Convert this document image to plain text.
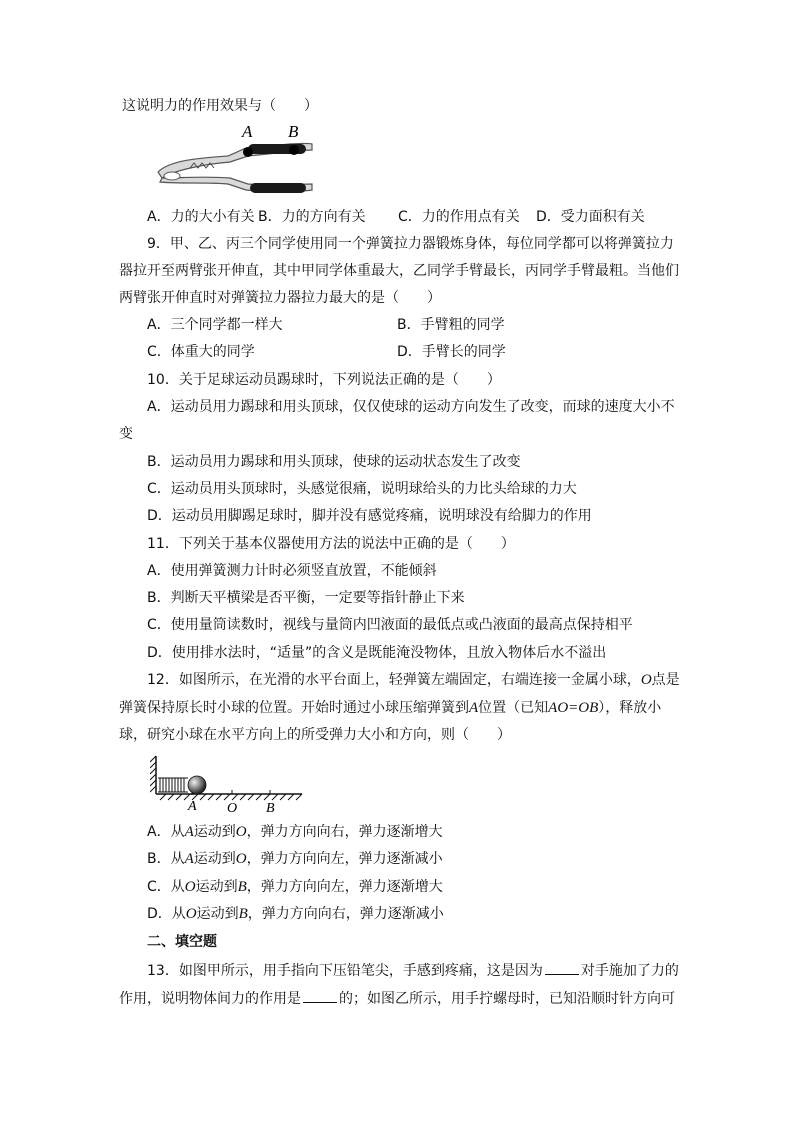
这说明力的作用效果与（　　）
A B
A．力的大小有关 B．力的方向有关 C．力的作用点有关 D．受力面积有关
9．甲、乙、丙三个同学使用同一个弹簧拉力器锻炼身体，每位同学都可以将弹簧拉力
器拉开至两臂张开伸直，其中甲同学体重最大，乙同学手臂最长，丙同学手臂最粗。当他们
两臂张开伸直时对弹簧拉力器拉力最大的是（　　）
A．三个同学都一样大	B．手臂粗的同学
C．体重大的同学	D．手臂长的同学
10．关于足球运动员踢球时，下列说法正确的是（　　）
A．运动员用力踢球和用头顶球，仅仅使球的运动方向发生了改变，而球的速度大小不
变
B．运动员用力踢球和用头顶球，使球的运动状态发生了改变
C．运动员用头顶球时，头感觉很痛，说明球给头的力比头给球的力大
D．运动员用脚踢足球时，脚并没有感觉疼痛，说明球没有给脚力的作用
11．下列关于基本仪器使用方法的说法中正确的是（　　）
A．使用弹簧测力计时必须竖直放置，不能倾斜
B．判断天平横梁是否平衡，一定要等指针静止下来
C．使用量筒读数时，视线与量筒内凹液面的最低点或凸液面的最高点保持相平
D．使用排水法时，“适量”的含义是既能淹没物体，且放入物体后水不溢出
12．如图所示，在光滑的水平台面上，轻弹簧左端固定，右端连接一金属小球，O点是
弹簧保持原长时小球的位置。开始时通过小球压缩弹簧到A位置（已知AO=OB），释放小
球，研究小球在水平方向上的所受弹力大小和方向，则（　　）
A O B
A．从A运动到O，弹力方向向右，弹力逐渐增大
B．从A运动到O，弹力方向向左，弹力逐渐减小
C．从O运动到B，弹力方向向左，弹力逐渐增大
D．从O运动到B，弹力方向向右，弹力逐渐减小
二、填空题
13．如图甲所示，用手指向下压铅笔尖，手感到疼痛，这是因为	对手施加了力的
作用，说明物体间力的作用是	的；如图乙所示，用手拧螺母时，已知沿顺时针方向可
